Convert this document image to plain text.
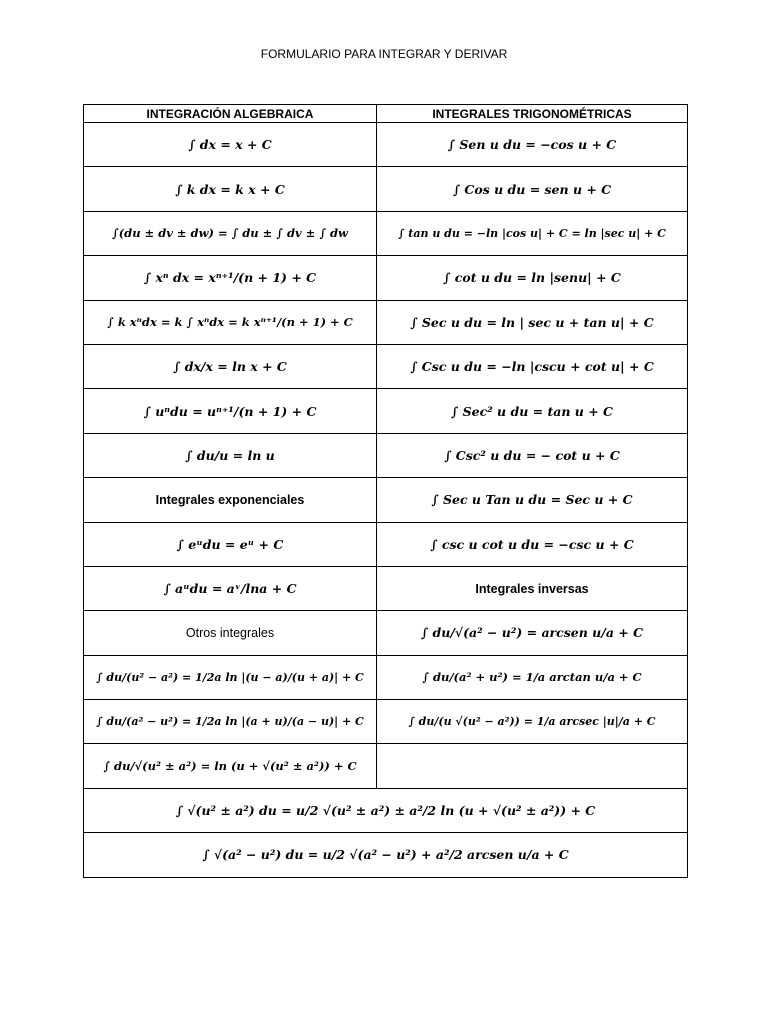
FORMULARIO PARA INTEGRAR Y DERIVAR
INTEGRACIÓN ALGEBRAICA	INTEGRALES TRIGONOMÉTRICAS
∫ dx = x + C	∫ Sen u du = −cos u + C
∫ k dx = k x + C	∫ Cos u du = sen u + C
∫(du ± dv ± dw) = ∫ du ± ∫ dv ± ∫ dw	∫ tan u du = −ln |cos u| + C = ln |sec u| + C
∫ xⁿ dx = xⁿ⁺¹/(n + 1) + C	∫ cot u du = ln |senu| + C
∫ k xⁿdx = k ∫ xⁿdx = k xⁿ⁺¹/(n + 1) + C	∫ Sec u du = ln | sec u + tan u| + C
∫ dx/x = ln x + C	∫ Csc u du = −ln |cscu + cot u| + C
∫ uⁿdu = uⁿ⁺¹/(n + 1) + C	∫ Sec² u du = tan u + C
∫ du/u = ln u	∫ Csc² u du = − cot u + C
Integrales exponenciales	∫ Sec u Tan u du = Sec u + C
∫ eᵘdu = eᵘ + C	∫ csc u cot u du = −csc u + C
∫ aᵘdu = aᵛ/lna + C	Integrales inversas
Otros integrales	∫ du/√(a² − u²) = arcsen u/a + C
∫ du/(u² − a²) = 1/2a ln |(u − a)/(u + a)| + C	∫ du/(a² + u²) = 1/a arctan u/a + C
∫ du/(a² − u²) = 1/2a ln |(a + u)/(a − u)| + C	∫ du/(u √(u² − a²)) = 1/a arcsec |u|/a + C
∫ du/√(u² ± a²) = ln (u + √(u² ± a²)) + C	
∫ √(u² ± a²) du = u/2 √(u² ± a²) ± a²/2 ln (u + √(u² ± a²)) + C	
∫ √(a² − u²) du = u/2 √(a² − u²) + a²/2 arcsen u/a + C	
